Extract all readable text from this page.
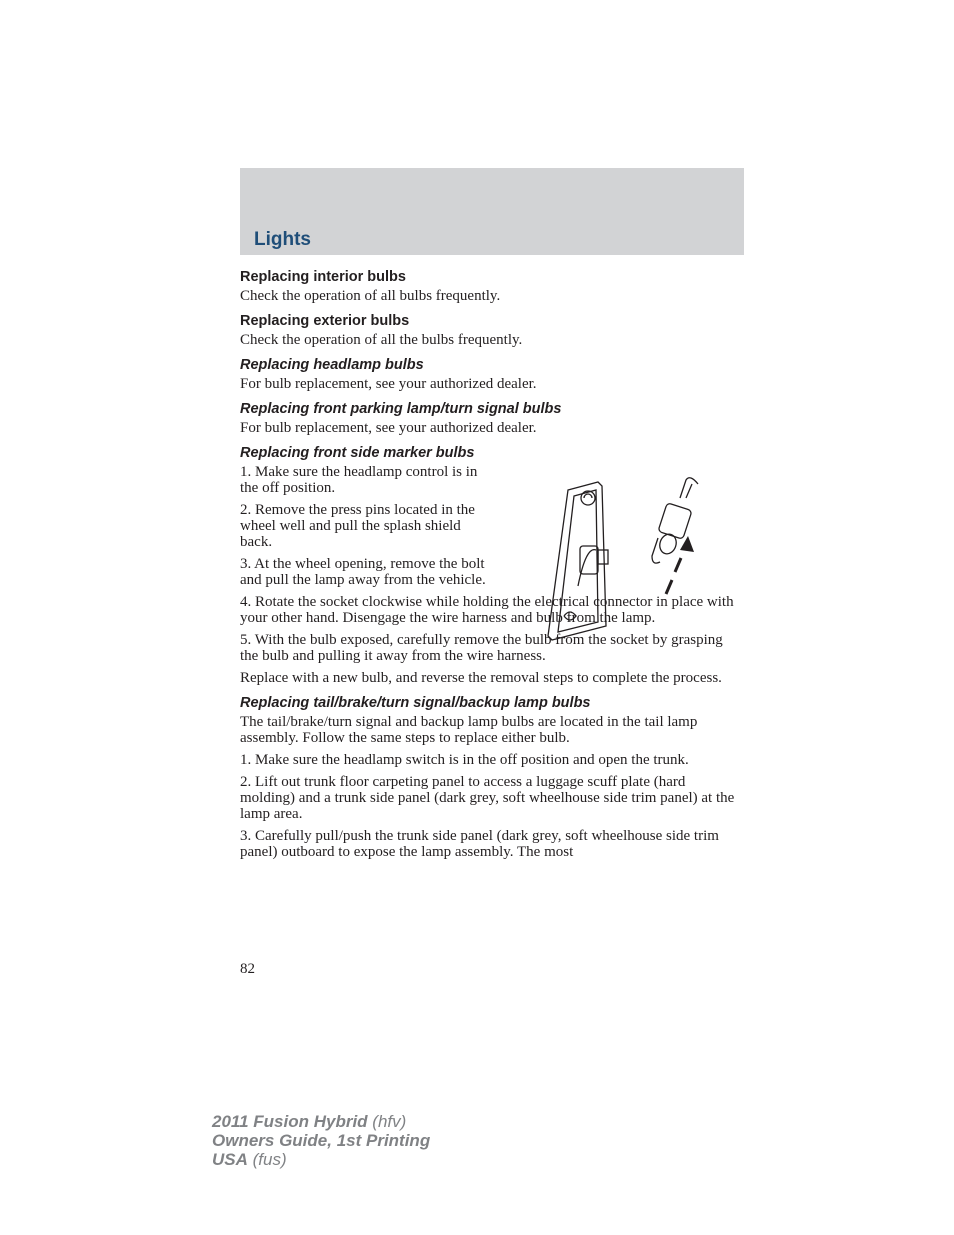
Lights
Replacing interior bulbs

Check the operation of all bulbs frequently.

Replacing exterior bulbs

Check the operation of all the bulbs frequently.

Replacing headlamp bulbs

For bulb replacement, see your authorized dealer.

Replacing front parking lamp/turn signal bulbs

For bulb replacement, see your authorized dealer.

Replacing front side marker bulbs

1. Make sure the headlamp control is in the off position.

2. Remove the press pins located in the wheel well and pull the splash shield back.

3. At the wheel opening, remove the bolt and pull the lamp away from the vehicle.

4. Rotate the socket clockwise while holding the electrical connector in place with your other hand. Disengage the wire harness and bulb from the lamp.

5. With the bulb exposed, carefully remove the bulb from the socket by grasping the bulb and pulling it away from the wire harness.

Replace with a new bulb, and reverse the removal steps to complete the process.

Replacing tail/brake/turn signal/backup lamp bulbs

The tail/brake/turn signal and backup lamp bulbs are located in the tail lamp assembly. Follow the same steps to replace either bulb.

1. Make sure the headlamp switch is in the off position and open the trunk.

2. Lift out trunk floor carpeting panel to access a luggage scuff plate (hard molding) and a trunk side panel (dark grey, soft wheelhouse side trim panel) at the lamp area.

3. Carefully pull/push the trunk side panel (dark grey, soft wheelhouse side trim panel) outboard to expose the lamp assembly. The most

82
2011 Fusion Hybrid (hfv)
Owners Guide, 1st Printing
USA (fus)
